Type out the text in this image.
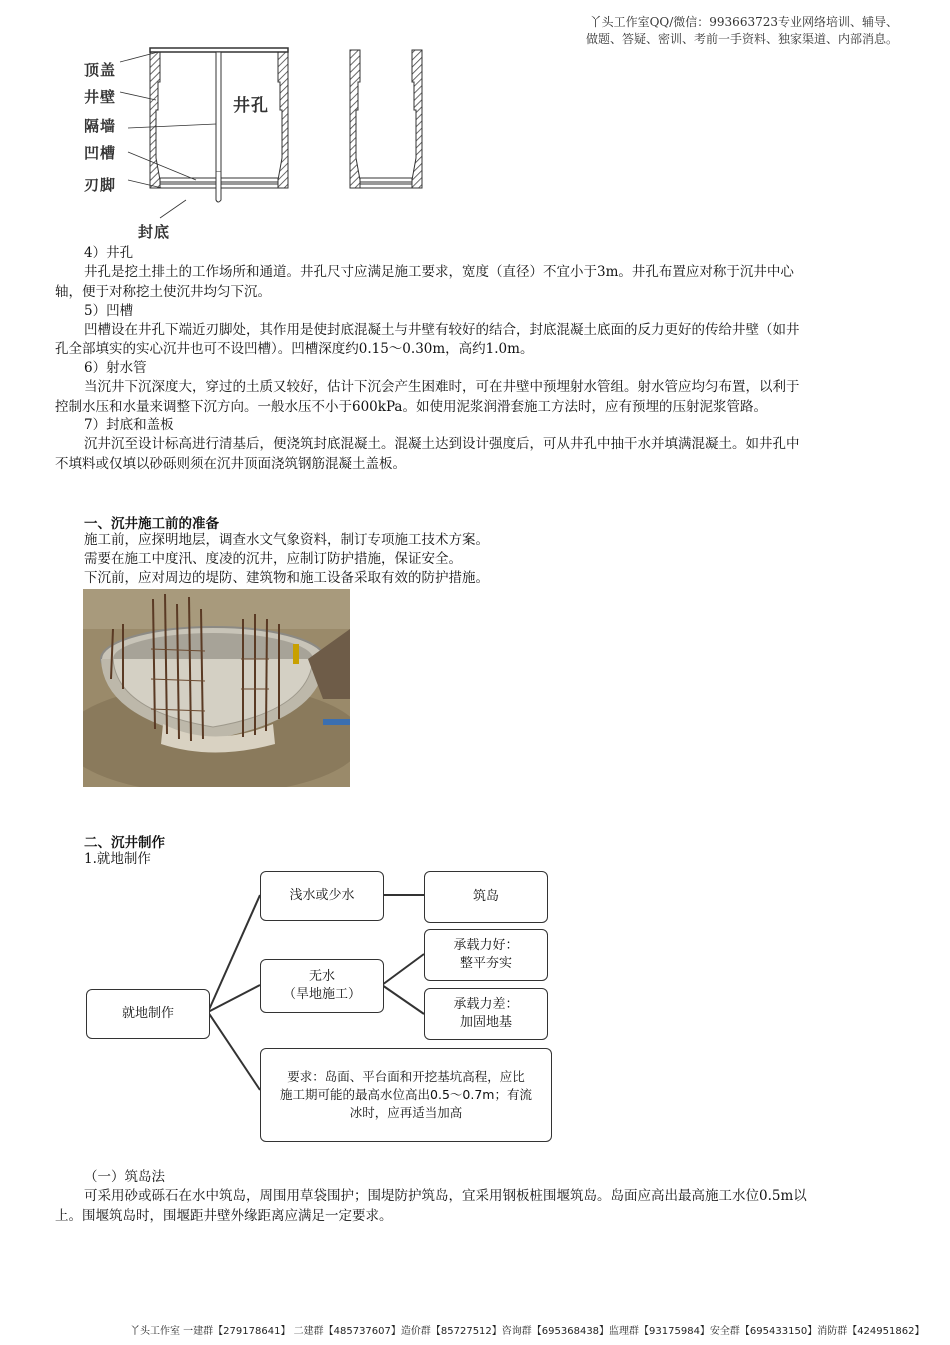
丫头工作室QQ/微信：993663723专业网络培训、辅导、
做题、答疑、密训、考前一手资料、独家渠道、内部消息。
顶盖
井壁
隔墙
凹槽
刃脚
封底
井孔
4）井孔
井孔是挖土排土的工作场所和通道。井孔尺寸应满足施工要求，宽度（直径）不宜小于3m。井孔布置应对称于沉井中心
轴，便于对称挖土使沉井均匀下沉。
5）凹槽
凹槽设在井孔下端近刃脚处，其作用是使封底混凝土与井壁有较好的结合，封底混凝土底面的反力更好的传给井壁（如井
孔全部填实的实心沉井也可不设凹槽）。凹槽深度约0.15～0.30m，高约1.0m。
6）射水管
当沉井下沉深度大，穿过的土质又较好，估计下沉会产生困难时，可在井壁中预埋射水管组。射水管应均匀布置，以利于
控制水压和水量来调整下沉方向。一般水压不小于600kPa。如使用泥浆润滑套施工方法时，应有预埋的压射泥浆管路。
7）封底和盖板
沉井沉至设计标高进行清基后，便浇筑封底混凝土。混凝土达到设计强度后，可从井孔中抽干水并填满混凝土。如井孔中
不填料或仅填以砂砾则须在沉井顶面浇筑钢筋混凝土盖板。
一、沉井施工前的准备
施工前，应探明地层，调查水文气象资料，制订专项施工技术方案。
需要在施工中度汛、度凌的沉井，应制订防护措施，保证安全。
下沉前，应对周边的堤防、建筑物和施工设备采取有效的防护措施。
二、沉井制作
1.就地制作
就地制作
浅水或少水	筑岛
无水
（旱地施工）
承载力好：
整平夯实
承载力差：
加固地基
要求：岛面、平台面和开挖基坑高程，应比
施工期可能的最高水位高出0.5～0.7m；有流
冰时，应再适当加高
（一）筑岛法
可采用砂或砾石在水中筑岛，周围用草袋围护；围堤防护筑岛，宜采用钢板桩围堰筑岛。岛面应高出最高施工水位0.5m以
上。围堰筑岛时，围堰距井壁外缘距离应满足一定要求。
丫头工作室 一建群【279178641】 二建群【485737607】造价群【85727512】咨询群【695368438】监理群【93175984】安全群【695433150】消防群【424951862】
